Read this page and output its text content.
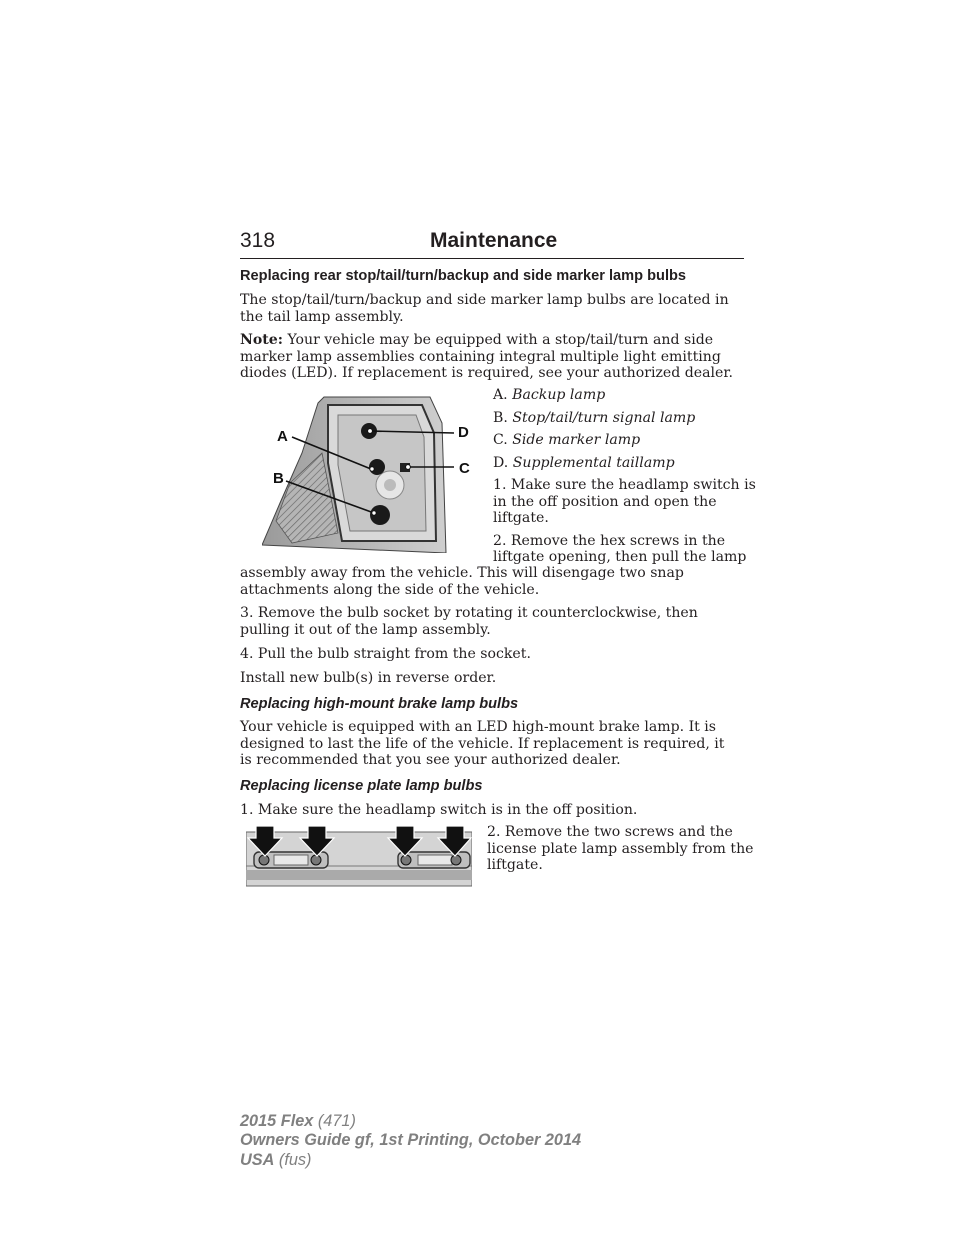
318	Maintenance
Replacing rear stop/tail/turn/backup and side marker lamp bulbs

The stop/tail/turn/backup and side marker lamp bulbs are located in the tail lamp assembly.

Note: Your vehicle may be equipped with a stop/tail/turn and side marker lamp assemblies containing integral multiple light emitting diodes (LED). If replacement is required, see your authorized dealer.

A
B
D
C
A. Backup lamp
B. Stop/tail/turn signal lamp
C. Side marker lamp
D. Supplemental taillamp
1. Make sure the headlamp switch is
in the off position and open the
liftgate.
2. Remove the hex screws in the
liftgate opening, then pull the lamp

assembly away from the vehicle. This will disengage two snap attachments along the side of the vehicle.

3. Remove the bulb socket by rotating it counterclockwise, then pulling it out of the lamp assembly.

4. Pull the bulb straight from the socket.
Install new bulb(s) in reverse order.
Replacing high-mount brake lamp bulbs

Your vehicle is equipped with an LED high-mount brake lamp. It is designed to last the life of the vehicle. If replacement is required, it is recommended that you see your authorized dealer.

Replacing license plate lamp bulbs
1. Make sure the headlamp switch is in the off position.
2. Remove the two screws and the
license plate lamp assembly from the
liftgate.
2015 Flex (471)
Owners Guide gf, 1st Printing, October 2014
USA (fus)
